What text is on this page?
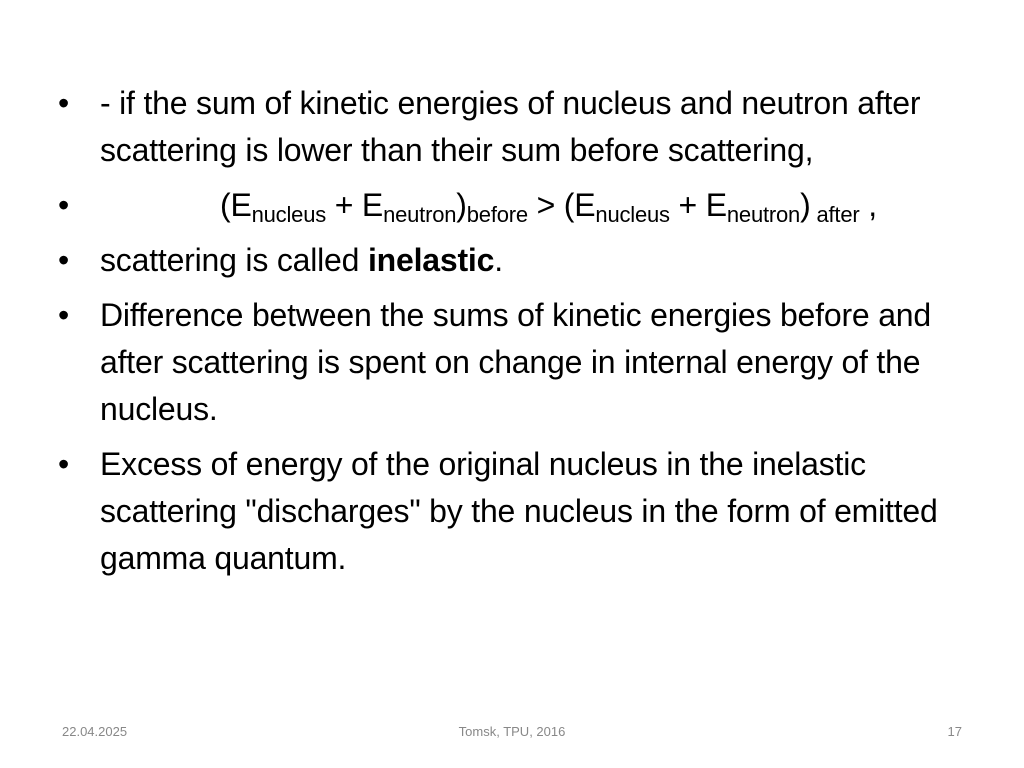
• - if the sum of kinetic energies of nucleus and neutron after scattering is lower than their sum before scattering,
•	$(E_{nucleus} + E_{neutron})_{before} > (E_{nucleus} + E_{neutron})$ $_{after}$ ,
• scattering is called inelastic.
• Difference between the sums of kinetic energies before and after scattering is spent on change in internal energy of the nucleus.
• Excess of energy of the original nucleus in the inelastic scattering "discharges" by the nucleus in the form of emitted gamma quantum.
22.04.2025	Tomsk, TPU, 2016	17
